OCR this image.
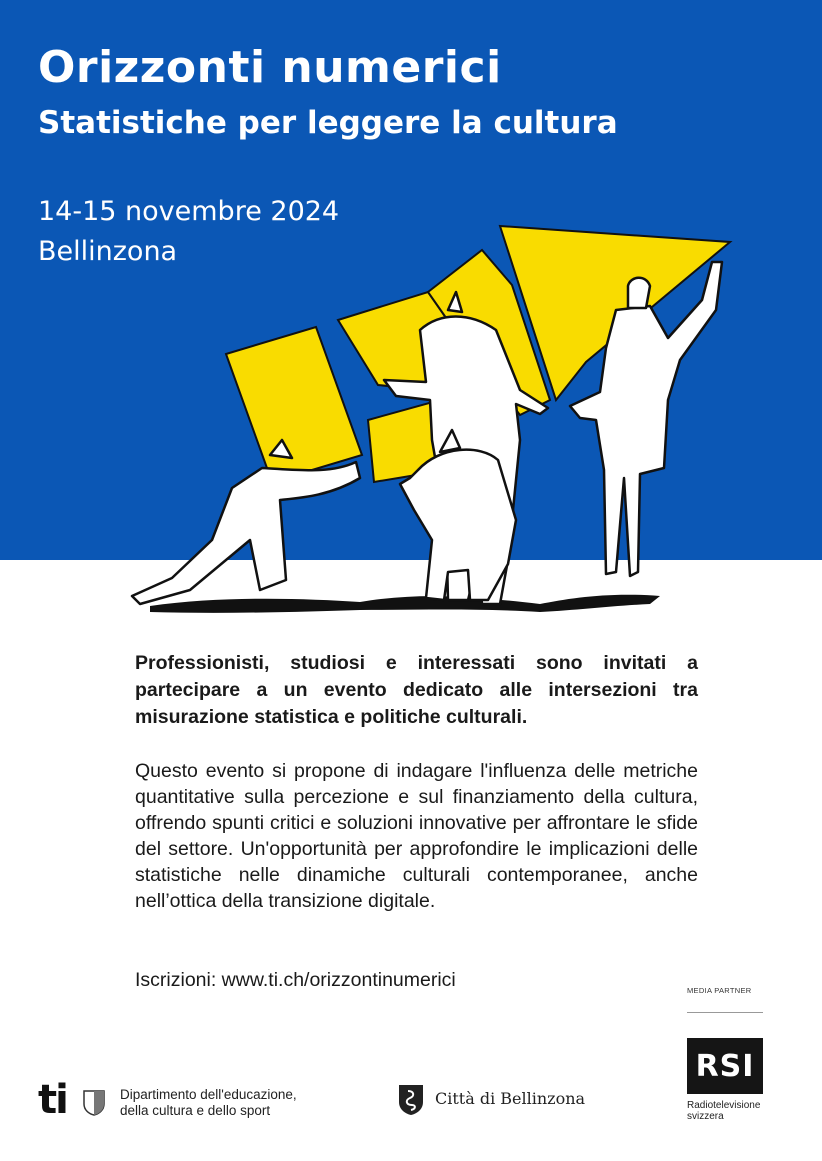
Orizzonti numerici
Statistiche per leggere la cultura
14-15 novembre 2024
Bellinzona

Professionisti, studiosi e interessati sono invitati a partecipare a un evento dedicato alle intersezioni tra misurazione statistica e politiche culturali.

Questo evento si propone di indagare l'influenza delle metriche quantitative sulla percezione e sul finanziamento della cultura, offrendo spunti critici e soluzioni innovative per affrontare le sfide del settore. Un'opportunità per approfondire le implicazioni delle statistiche nelle dinamiche culturali contemporanee, anche nell’ottica della transizione digitale.

Iscrizioni: www.ti.ch/orizzontinumerici	MEDIA PARTNER
RSI
Radiotelevisione
svizzera
ti	Dipartimento dell'educazione,
della cultura e dello sport
Città di Bellinzona
